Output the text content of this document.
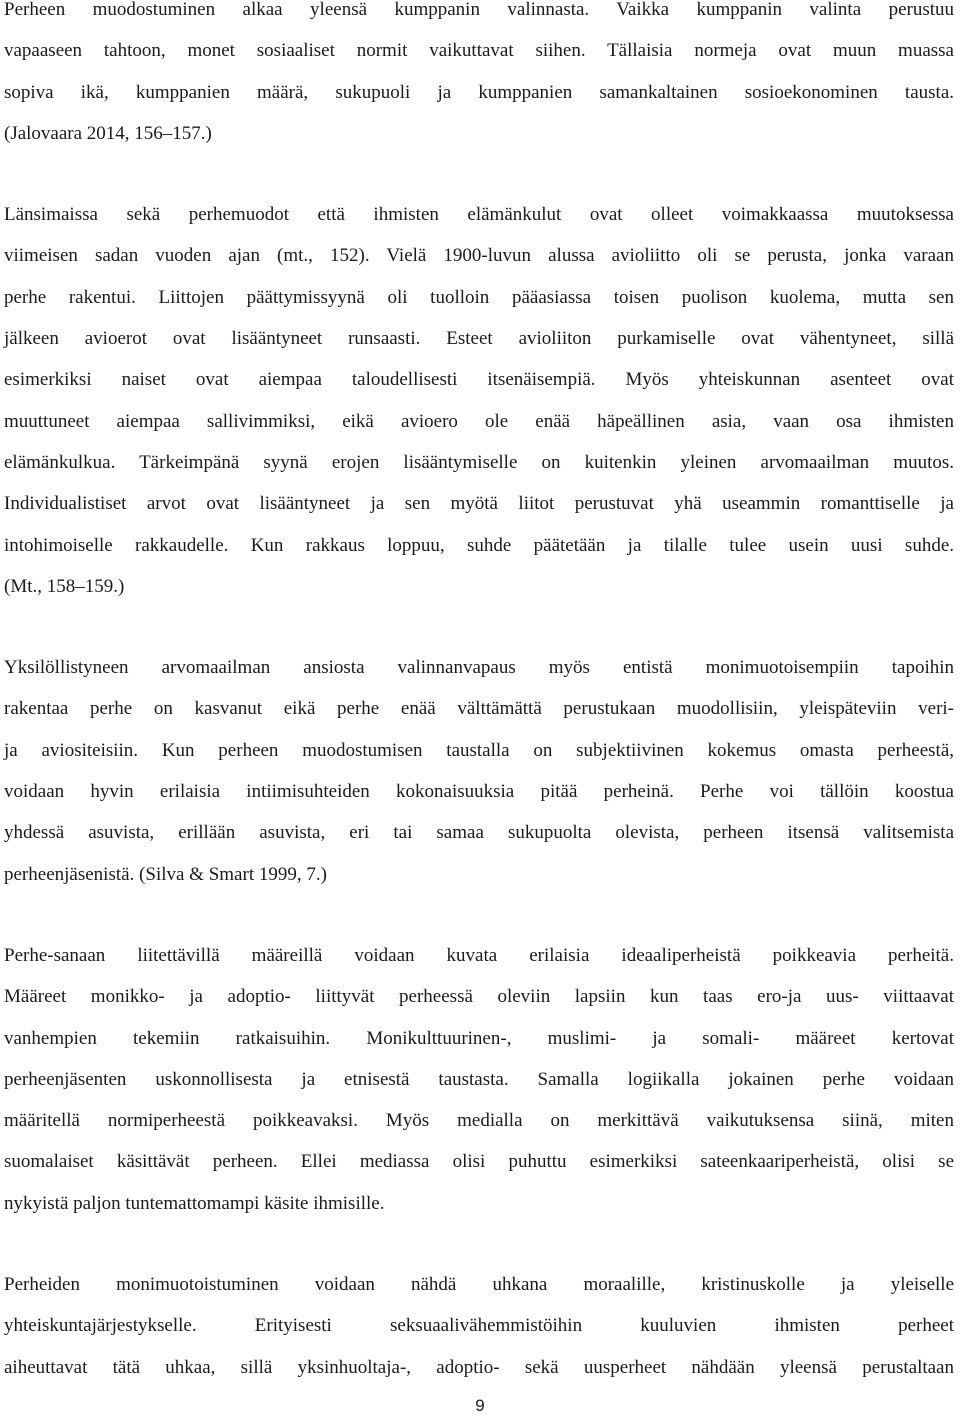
Perheen muodostuminen alkaa yleensä kumppanin valinnasta. Vaikka kumppanin valinta perustuu
vapaaseen tahtoon, monet sosiaaliset normit vaikuttavat siihen. Tällaisia normeja ovat muun muassa
sopiva ikä, kumppanien määrä, sukupuoli ja kumppanien samankaltainen sosioekonominen tausta.
(Jalovaara 2014, 156–157.)

Länsimaissa sekä perhemuodot että ihmisten elämänkulut ovat olleet voimakkaassa muutoksessa
viimeisen sadan vuoden ajan (mt., 152). Vielä 1900-luvun alussa avioliitto oli se perusta, jonka varaan
perhe rakentui. Liittojen päättymissyynä oli tuolloin pääasiassa toisen puolison kuolema, mutta sen
jälkeen avioerot ovat lisääntyneet runsaasti. Esteet avioliiton purkamiselle ovat vähentyneet, sillä
esimerkiksi naiset ovat aiempaa taloudellisesti itsenäisempiä. Myös yhteiskunnan asenteet ovat
muuttuneet aiempaa sallivimmiksi, eikä avioero ole enää häpeällinen asia, vaan osa ihmisten
elämänkulkua. Tärkeimpänä syynä erojen lisääntymiselle on kuitenkin yleinen arvomaailman muutos.
Individualistiset arvot ovat lisääntyneet ja sen myötä liitot perustuvat yhä useammin romanttiselle ja
intohimoiselle rakkaudelle. Kun rakkaus loppuu, suhde päätetään ja tilalle tulee usein uusi suhde.
(Mt., 158–159.)

Yksilöllistyneen arvomaailman ansiosta valinnanvapaus myös entistä monimuotoisempiin tapoihin
rakentaa perhe on kasvanut eikä perhe enää välttämättä perustukaan muodollisiin, yleispäteviin veri-
ja aviositeisiin. Kun perheen muodostumisen taustalla on subjektiivinen kokemus omasta perheestä,
voidaan hyvin erilaisia intiimisuhteiden kokonaisuuksia pitää perheinä. Perhe voi tällöin koostua
yhdessä asuvista, erillään asuvista, eri tai samaa sukupuolta olevista, perheen itsensä valitsemista
perheenjäsenistä. (Silva & Smart 1999, 7.)

Perhe-sanaan liitettävillä määreillä voidaan kuvata erilaisia ideaaliperheistä poikkeavia perheitä.
Määreet monikko- ja adoptio- liittyvät perheessä oleviin lapsiin kun taas ero-ja uus- viittaavat
vanhempien tekemiin ratkaisuihin. Monikulttuurinen-, muslimi- ja somali- määreet kertovat
perheenjäsenten uskonnollisesta ja etnisestä taustasta. Samalla logiikalla jokainen perhe voidaan
määritellä normiperheestä poikkeavaksi. Myös medialla on merkittävä vaikutuksensa siinä, miten
suomalaiset käsittävät perheen. Ellei mediassa olisi puhuttu esimerkiksi sateenkaariperheistä, olisi se
nykyistä paljon tuntemattomampi käsite ihmisille.

Perheiden monimuotoistuminen voidaan nähdä uhkana moraalille, kristinuskolle ja yleiselle
yhteiskuntajärjestykselle. Erityisesti seksuaalivähemmistöihin kuuluvien ihmisten perheet
aiheuttavat tätä uhkaa, sillä yksinhuoltaja-, adoptio- sekä uusperheet nähdään yleensä perustaltaan

9
